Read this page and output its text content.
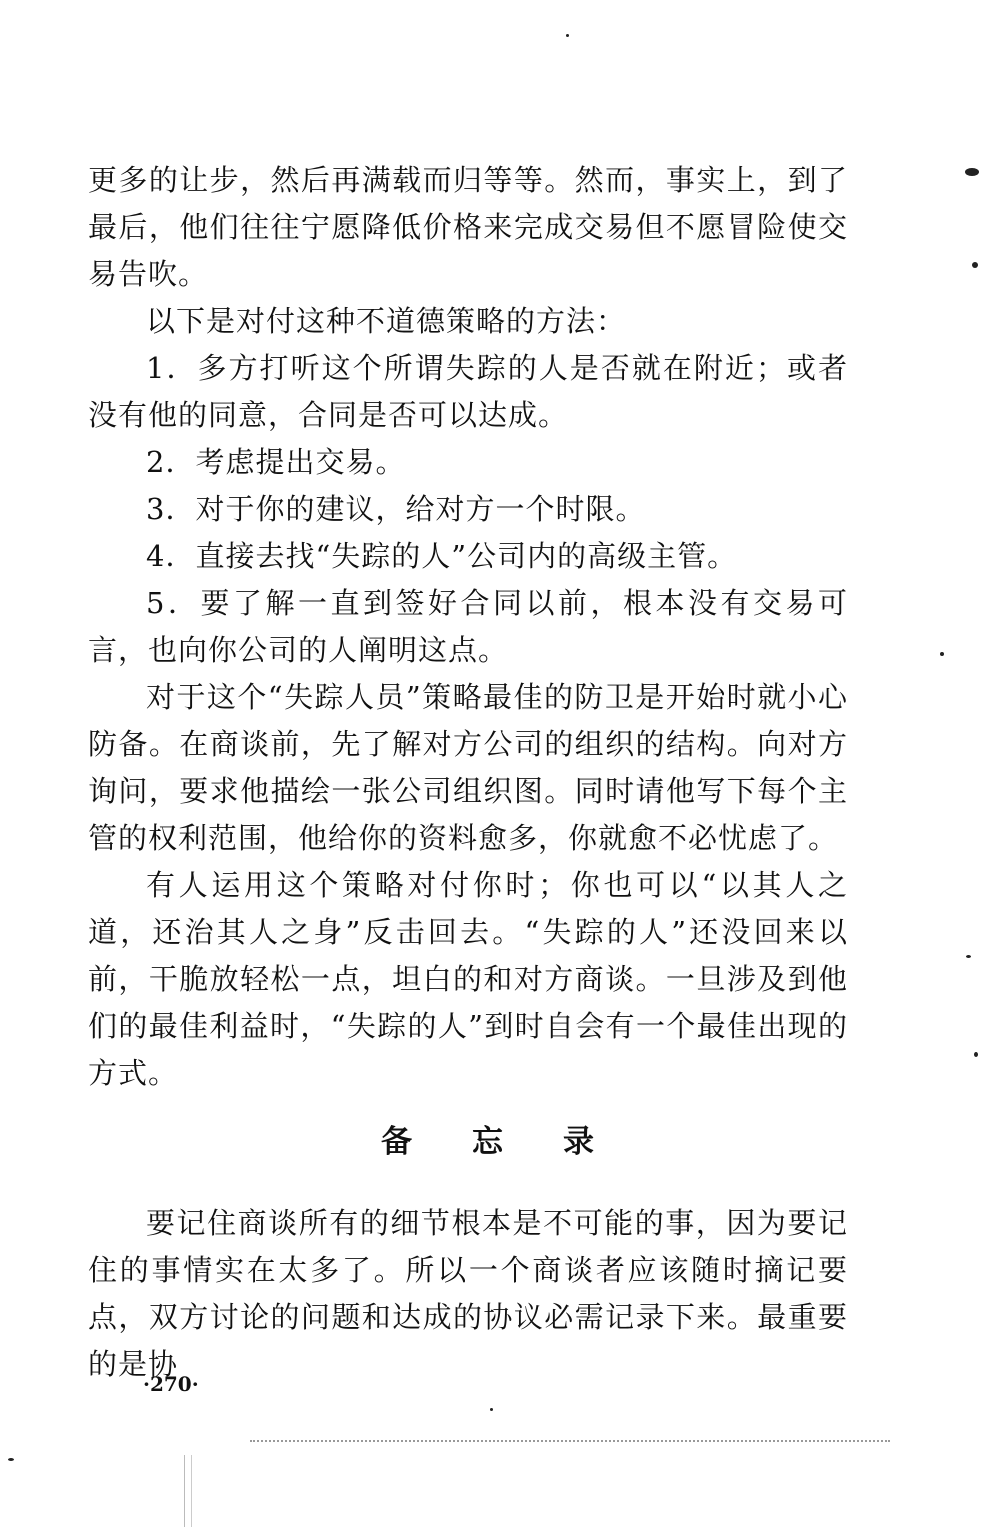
更多的让步，然后再满载而归等等。然而，事实上，到了最后，他们往往宁愿降低价格来完成交易但不愿冒险使交易告吹。

以下是对付这种不道德策略的方法：

1．多方打听这个所谓失踪的人是否就在附近；或者没有他的同意，合同是否可以达成。

2．考虑提出交易。

3．对于你的建议，给对方一个时限。

4．直接去找“失踪的人”公司内的高级主管。

5．要了解一直到签好合同以前，根本没有交易可言，也向你公司的人阐明这点。

对于这个“失踪人员”策略最佳的防卫是开始时就小心防备。在商谈前，先了解对方公司的组织的结构。向对方询问，要求他描绘一张公司组织图。同时请他写下每个主管的权利范围，他给你的资料愈多，你就愈不必忧虑了。

有人运用这个策略对付你时；你也可以“以其人之道，还治其人之身”反击回去。“失踪的人”还没回来以前，干脆放轻松一点，坦白的和对方商谈。一旦涉及到他们的最佳利益时，“失踪的人”到时自会有一个最佳出现的方式。

备忘录

要记住商谈所有的细节根本是不可能的事，因为要记住的事情实在太多了。所以一个商谈者应该随时摘记要点，双方讨论的问题和达成的协议必需记录下来。最重要的是协

·270·
